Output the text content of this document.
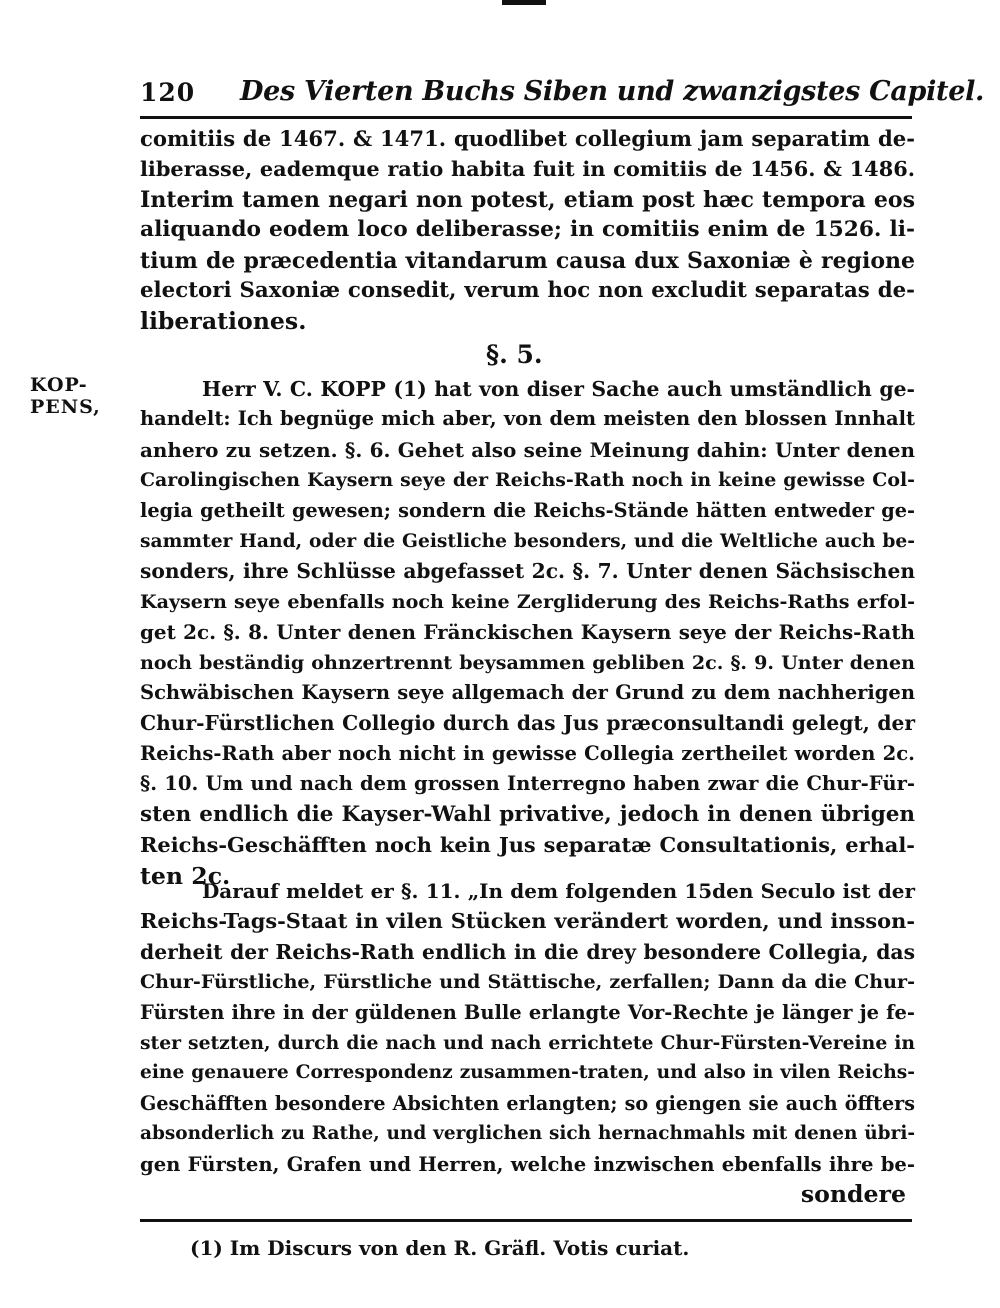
120 Des Vierten Buchs Siben und zwanzigstes Capitel.
comitiis de 1467. & 1471. quodlibet collegium jam separatim de-
liberasse, eademque ratio habita fuit in comitiis de 1456. & 1486.
Interim tamen negari non potest, etiam post hæc tempora eos
aliquando eodem loco deliberasse; in comitiis enim de 1526. li-
tium de præcedentia vitandarum causa dux Saxoniæ è regione
electori Saxoniæ consedit, verum hoc non excludit separatas de-
liberationes.
§. 5.
KOP-
PENS,
Herr V. C. KOPP (1) hat von diser Sache auch umständlich ge-
handelt: Ich begnüge mich aber, von dem meisten den blossen Innhalt
anhero zu setzen. §. 6. Gehet also seine Meinung dahin: Unter denen
Carolingischen Kaysern seye der Reichs-Rath noch in keine gewisse Col-
legia getheilt gewesen; sondern die Reichs-Stände hätten entweder ge-
sammter Hand, oder die Geistliche besonders, und die Weltliche auch be-
sonders, ihre Schlüsse abgefasset 2c. §. 7. Unter denen Sächsischen
Kaysern seye ebenfalls noch keine Zergliderung des Reichs-Raths erfol-
get 2c. §. 8. Unter denen Fränckischen Kaysern seye der Reichs-Rath
noch beständig ohnzertrennt beysammen gebliben 2c. §. 9. Unter denen
Schwäbischen Kaysern seye allgemach der Grund zu dem nachherigen
Chur-Fürstlichen Collegio durch das Jus præconsultandi gelegt, der
Reichs-Rath aber noch nicht in gewisse Collegia zertheilet worden 2c.
§. 10. Um und nach dem grossen Interregno haben zwar die Chur-Für-
sten endlich die Kayser-Wahl privative, jedoch in denen übrigen
Reichs-Geschäfften noch kein Jus separatæ Consultationis, erhal-
ten 2c.
Darauf meldet er §. 11. „In dem folgenden 15den Seculo ist der
Reichs-Tags-Staat in vilen Stücken verändert worden, und insson-
derheit der Reichs-Rath endlich in die drey besondere Collegia, das
Chur-Fürstliche, Fürstliche und Stättische, zerfallen; Dann da die Chur-
Fürsten ihre in der güldenen Bulle erlangte Vor-Rechte je länger je fe-
ster setzten, durch die nach und nach errichtete Chur-Fürsten-Vereine in
eine genauere Correspondenz zusammen-traten, und also in vilen Reichs-
Geschäfften besondere Absichten erlangten; so giengen sie auch öffters
absonderlich zu Rathe, und verglichen sich hernachmahls mit denen übri-
gen Fürsten, Grafen und Herren, welche inzwischen ebenfalls ihre be-
sondere
(1) Im Discurs von den R. Gräfl. Votis curiat.
